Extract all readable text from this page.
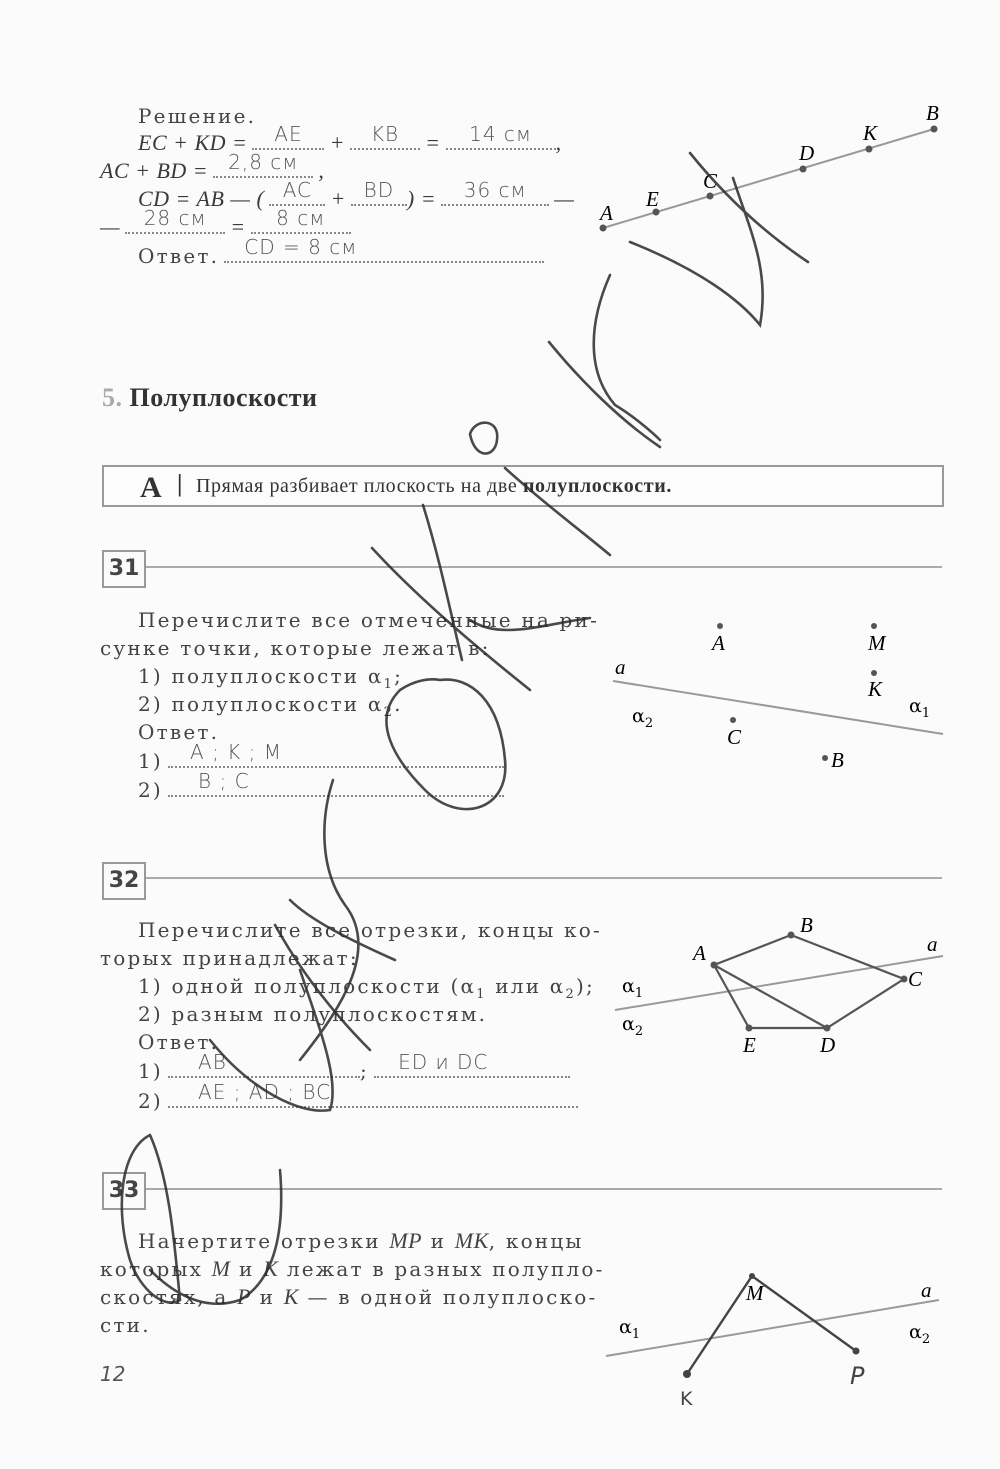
Решение.
EC + KD =	AE	+	KB	=	14 см	,
AC + BD = 2,8 см ,
CD = AB — ( AC + BD ) =	36 см	—
—	28 см	=	8 см
Ответ. CD = 8 см
5. Полуплоскости
A | Прямая разбивает плоскость на две полуплоскости.
31
Перечислите все отмеченные на ри-
сунке точки, которые лежат в:
1) полуплоскости $\alpha_1$;
2) полуплоскости $\alpha_2$.
Ответ.
1) A ; K ; M
2) B ; C
32
Перечислите все отрезки, концы ко-
торых принадлежат:
1) одной полуплоскости ($\alpha_1$ или $\alpha_2$);
2) разным полуплоскостям.
Ответ.
1) AB	; ED и DC
2) AE ; AD ; BC
33
Начертите отрезки MP и MK, концы
которых M и K лежат в разных полупло-
скостях, а P и K — в одной полуплоско-
сти.
12
A
E
C
D
K
B
a
A	M
K
C
B
$\alpha_1$
$\alpha_2$
a
A
B
C
D
E
$\alpha_1$
$\alpha_2$
a
M
K
P
$\alpha_1$	$\alpha_2$
